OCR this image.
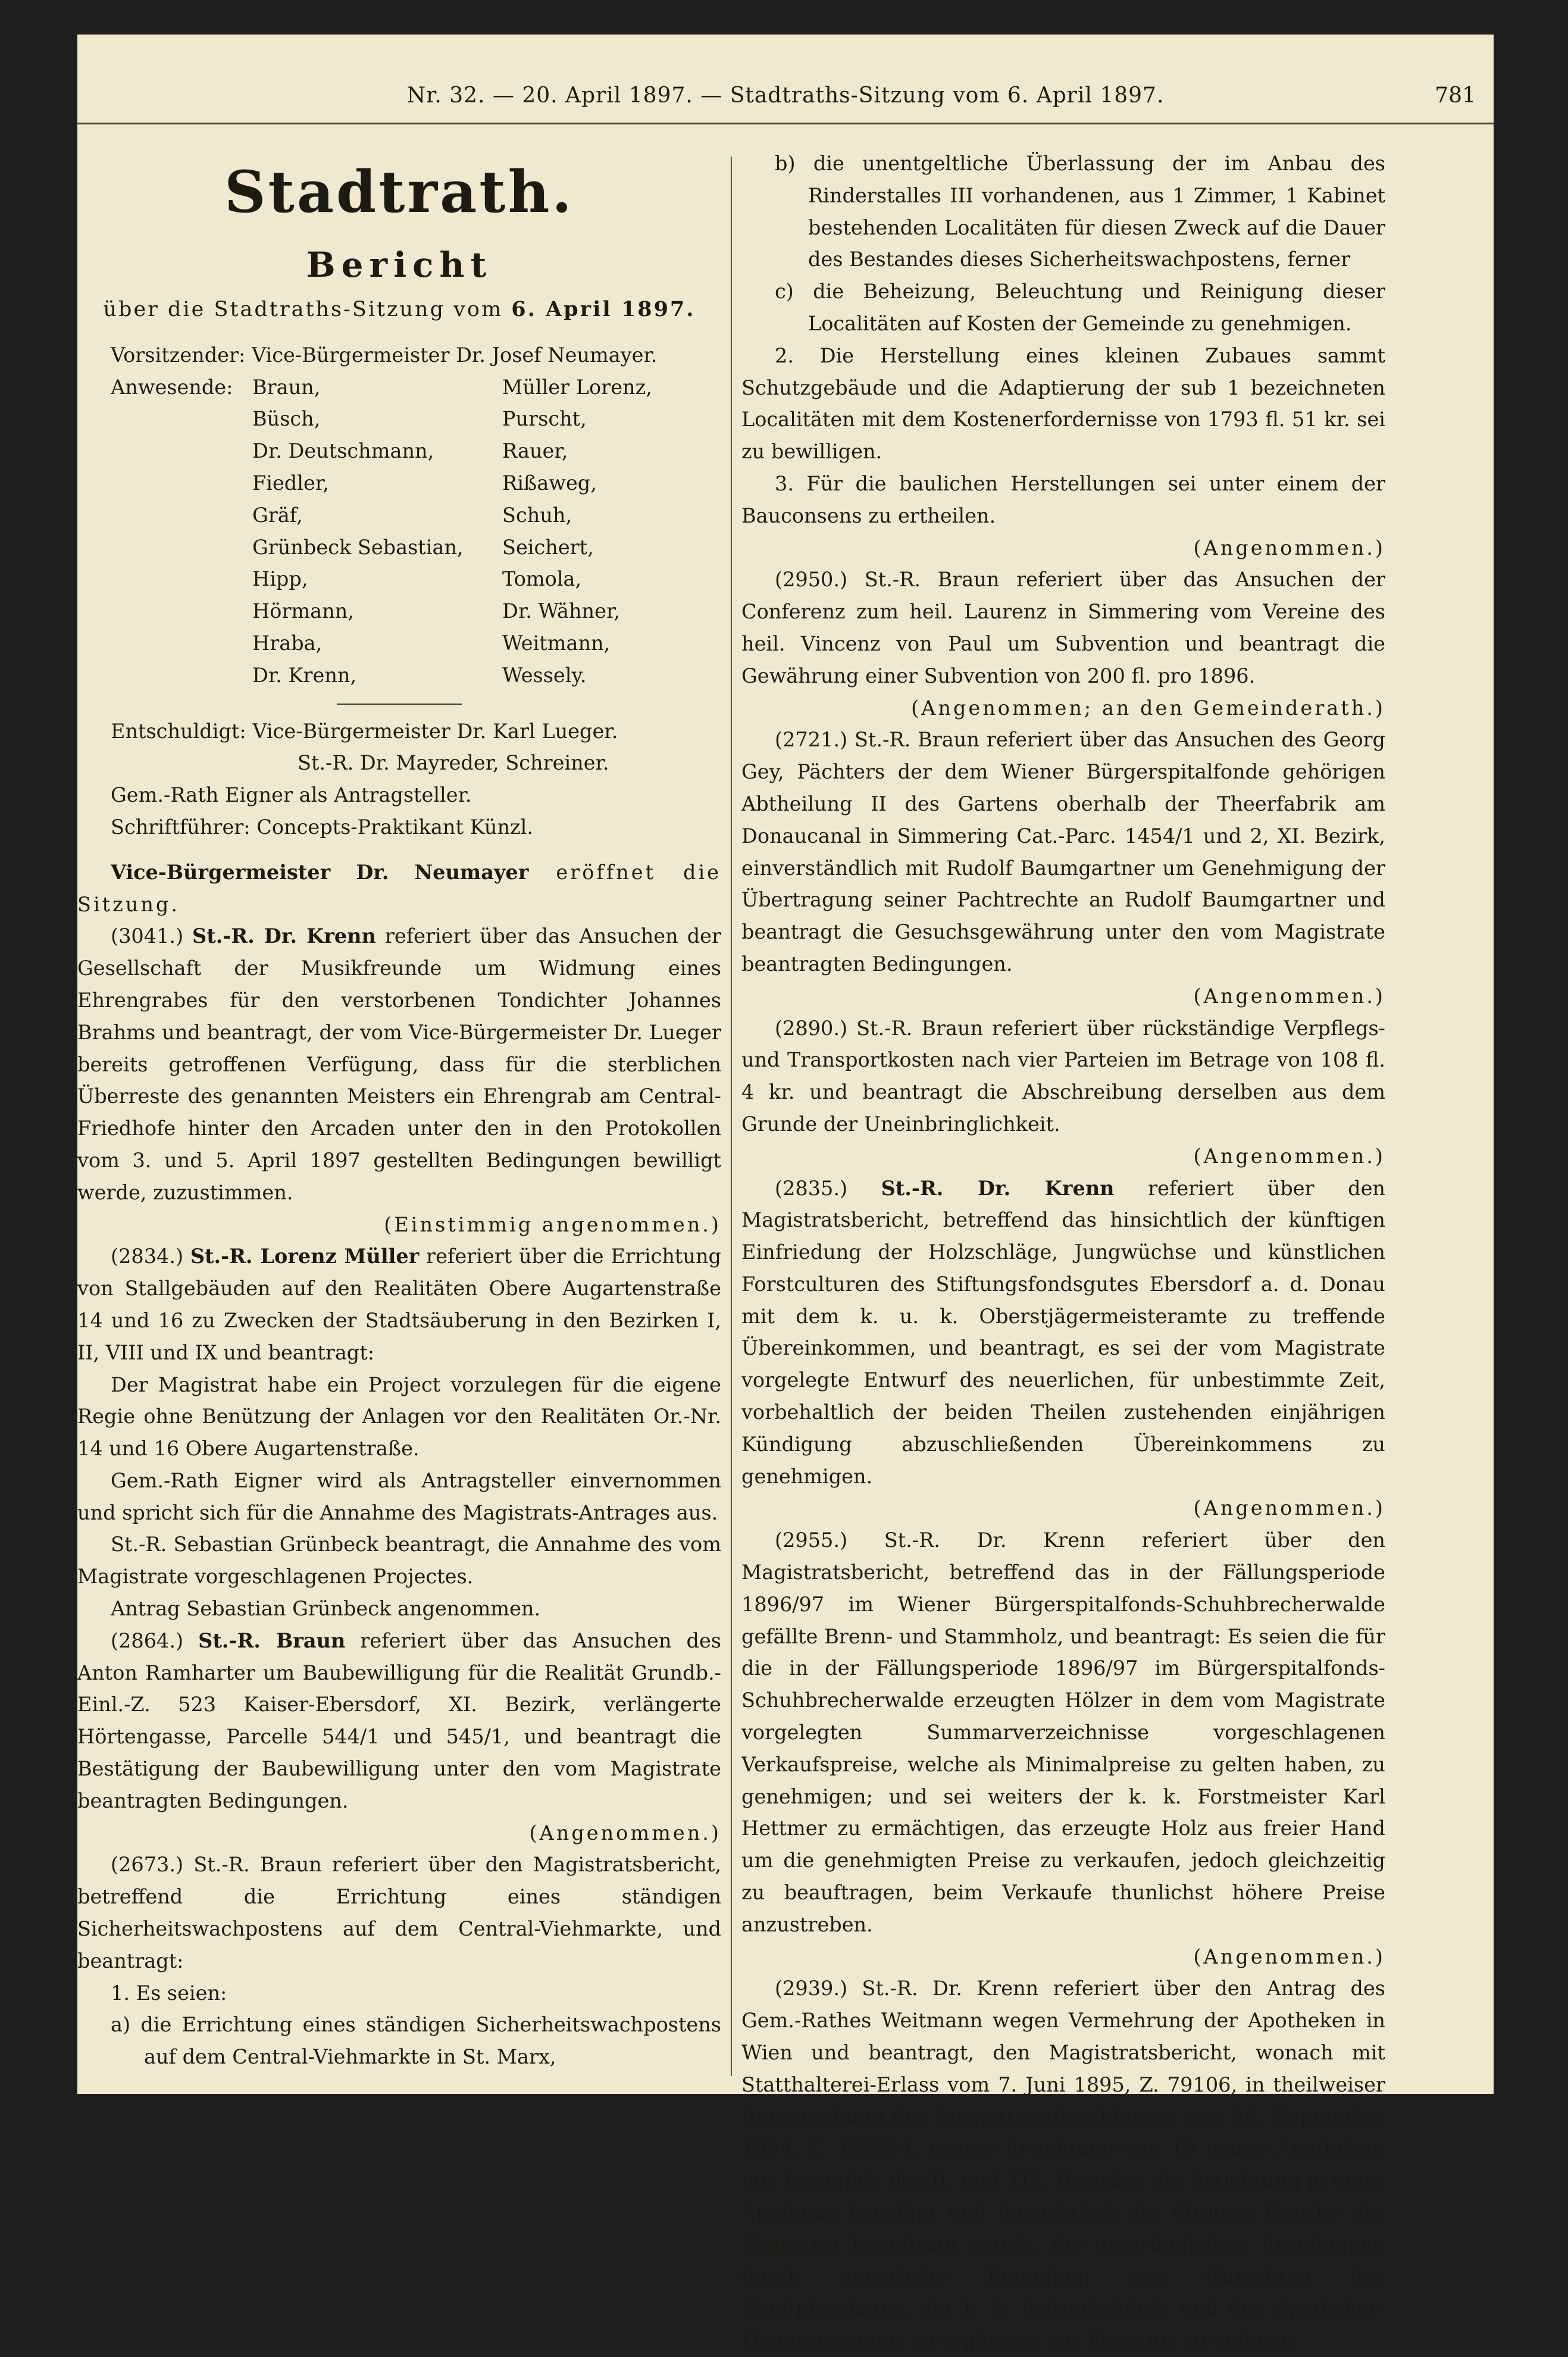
Nr. 32. — 20. April 1897. — Stadtraths-Sitzung vom 6. April 1897.	781

Stadtrath.

Bericht

über die Stadtraths-Sitzung vom 6. April 1897.

Vorsitzender: Vice-Bürgermeister Dr. Josef Neumayer.

Anwesende: Braun,	Müller Lorenz,
Büsch,	Purscht,
Dr. Deutschmann,	Rauer,
Fiedler,	Rißaweg,
Gräf,	Schuh,
Grünbeck Sebastian,	Seichert,
Hipp,	Tomola,
Hörmann,	Dr. Wähner,
Hraba,	Weitmann,
Dr. Krenn,	Wessely.

Entschuldigt: Vice-Bürgermeister Dr. Karl Lueger.

St.-R. Dr. Mayreder, Schreiner.

Gem.-Rath Eigner als Antragsteller.

Schriftführer: Concepts-Praktikant Künzl.

Vice-Bürgermeister Dr. Neumayer eröffnet die Sitzung.

(3041.) St.-R. Dr. Krenn referiert über das Ansuchen der Gesellschaft der Musikfreunde um Widmung eines Ehrengrabes für den verstorbenen Tondichter Johannes Brahms und beantragt, der vom Vice-Bürgermeister Dr. Lueger bereits getroffenen Verfügung, dass für die sterblichen Überreste des genannten Meisters ein Ehrengrab am Central-Friedhofe hinter den Arcaden unter den in den Protokollen vom 3. und 5. April 1897 gestellten Bedingungen bewilligt werde, zuzustimmen.

(Einstimmig angenommen.)

(2834.) St.-R. Lorenz Müller referiert über die Errichtung von Stallgebäuden auf den Realitäten Obere Augartenstraße 14 und 16 zu Zwecken der Stadtsäuberung in den Bezirken I, II, VIII und IX und beantragt:

Der Magistrat habe ein Project vorzulegen für die eigene Regie ohne Benützung der Anlagen vor den Realitäten Or.-Nr. 14 und 16 Obere Augartenstraße.

Gem.-Rath Eigner wird als Antragsteller einvernommen und spricht sich für die Annahme des Magistrats-Antrages aus.

St.-R. Sebastian Grünbeck beantragt, die Annahme des vom Magistrate vorgeschlagenen Projectes.

Antrag Sebastian Grünbeck angenommen.

(2864.) St.-R. Braun referiert über das Ansuchen des Anton Ramharter um Baubewilligung für die Realität Grundb.-Einl.-Z. 523 Kaiser-Ebersdorf, XI. Bezirk, verlängerte Hörtengasse, Parcelle 544/1 und 545/1, und beantragt die Bestätigung der Baubewilligung unter den vom Magistrate beantragten Bedingungen.

(Angenommen.)

(2673.) St.-R. Braun referiert über den Magistratsbericht, betreffend die Errichtung eines ständigen Sicherheitswachpostens auf dem Central-Viehmarkte, und beantragt:

1. Es seien:

a) die Errichtung eines ständigen Sicherheitswachpostens auf dem Central-Viehmarkte in St. Marx,

b) die unentgeltliche Überlassung der im Anbau des Rinderstalles III vorhandenen, aus 1 Zimmer, 1 Kabinet bestehenden Localitäten für diesen Zweck auf die Dauer des Bestandes dieses Sicherheitswachpostens, ferner

c) die Beheizung, Beleuchtung und Reinigung dieser Localitäten auf Kosten der Gemeinde zu genehmigen.

2. Die Herstellung eines kleinen Zubaues sammt Schutzgebäude und die Adaptierung der sub 1 bezeichneten Localitäten mit dem Kostenerfordernisse von 1793 fl. 51 kr. sei zu bewilligen.

3. Für die baulichen Herstellungen sei unter einem der Bauconsens zu ertheilen.

(Angenommen.)

(2950.) St.-R. Braun referiert über das Ansuchen der Conferenz zum heil. Laurenz in Simmering vom Vereine des heil. Vincenz von Paul um Subvention und beantragt die Gewährung einer Subvention von 200 fl. pro 1896.

(Angenommen; an den Gemeinderath.)

(2721.) St.-R. Braun referiert über das Ansuchen des Georg Gey, Pächters der dem Wiener Bürgerspitalfonde gehörigen Abtheilung II des Gartens oberhalb der Theerfabrik am Donaucanal in Simmering Cat.-Parc. 1454/1 und 2, XI. Bezirk, einverständlich mit Rudolf Baumgartner um Genehmigung der Übertragung seiner Pachtrechte an Rudolf Baumgartner und beantragt die Gesuchsgewährung unter den vom Magistrate beantragten Bedingungen.

(Angenommen.)

(2890.) St.-R. Braun referiert über rückständige Verpflegs- und Transportkosten nach vier Parteien im Betrage von 108 fl. 4 kr. und beantragt die Abschreibung derselben aus dem Grunde der Uneinbringlichkeit.

(Angenommen.)

(2835.) St.-R. Dr. Krenn referiert über den Magistratsbericht, betreffend das hinsichtlich der künftigen Einfriedung der Holzschläge, Jungwüchse und künstlichen Forstculturen des Stiftungsfondsgutes Ebersdorf a. d. Donau mit dem k. u. k. Oberstjägermeisteramte zu treffende Übereinkommen, und beantragt, es sei der vom Magistrate vorgelegte Entwurf des neuerlichen, für unbestimmte Zeit, vorbehaltlich der beiden Theilen zustehenden einjährigen Kündigung abzuschließenden Übereinkommens zu genehmigen.

(Angenommen.)

(2955.) St.-R. Dr. Krenn referiert über den Magistratsbericht, betreffend das in der Fällungsperiode 1896/97 im Wiener Bürgerspitalfonds-Schuhbrecherwalde gefällte Brenn- und Stammholz, und beantragt: Es seien die für die in der Fällungsperiode 1896/97 im Bürgerspitalfonds-Schuhbrecherwalde erzeugten Hölzer in dem vom Magistrate vorgelegten Summarverzeichnisse vorgeschlagenen Verkaufspreise, welche als Minimalpreise zu gelten haben, zu genehmigen; und sei weiters der k. k. Forstmeister Karl Hettmer zu ermächtigen, das erzeugte Holz aus freier Hand um die genehmigten Preise zu verkaufen, jedoch gleichzeitig zu beauftragen, beim Verkaufe thunlichst höhere Preise anzustreben.

(Angenommen.)

(2939.) St.-R. Dr. Krenn referiert über den Antrag des Gem.-Rathes Weitmann wegen Vermehrung der Apotheken in Wien und beantragt, den Magistratsbericht, wonach mit Statthalterei-Erlass vom 7. Juni 1895, Z. 79106, in theilweiser Entsprechung des Magistrats-Beschlusses vom 14. September 1894, Z. 154904, wegen Errichtung von 15 neuen Apotheken nur bezüglich des II. und XIX. Bezirkes die Errichtung je einer Apotheke bewilligt und hinsichtlich der übrigen Bezirke der Magistrat beauftragt wurde, die ursprünglichen Erhebungen durch neuerliche Einholung von Gutachten des Stadtphysikates, der k. k. Polizeibehörde und des Apotheker-Hauptgremiums zu ergänzen, zur Kenntnis zu nehmen.
